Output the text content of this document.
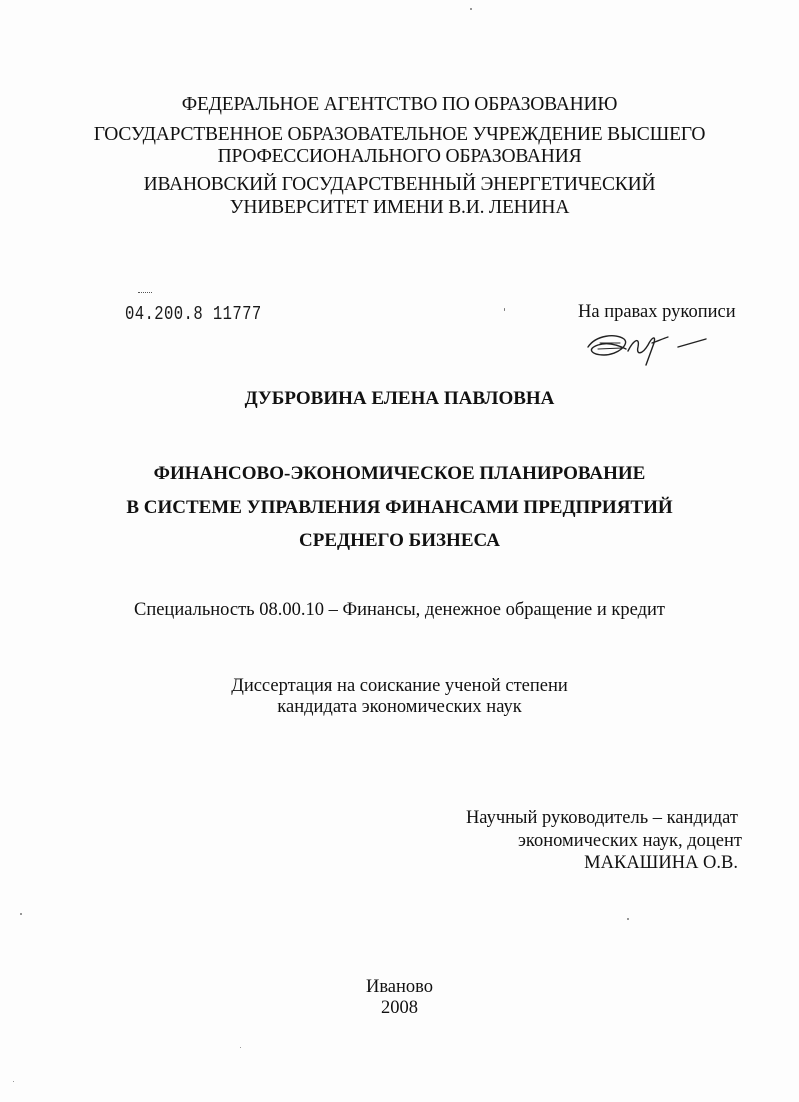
ФЕДЕРАЛЬНОЕ АГЕНТСТВО ПО ОБРАЗОВАНИЮ
ГОСУДАРСТВЕННОЕ ОБРАЗОВАТЕЛЬНОЕ УЧРЕЖДЕНИЕ ВЫСШЕГО
ПРОФЕССИОНАЛЬНОГО ОБРАЗОВАНИЯ
ИВАНОВСКИЙ ГОСУДАРСТВЕННЫЙ ЭНЕРГЕТИЧЕСКИЙ
УНИВЕРСИТЕТ ИМЕНИ В.И. ЛЕНИНА
04.200.8 11777	На правах рукописи
ДУБРОВИНА ЕЛЕНА ПАВЛОВНА
ФИНАНСОВО-ЭКОНОМИЧЕСКОЕ ПЛАНИРОВАНИЕ
В СИСТЕМЕ УПРАВЛЕНИЯ ФИНАНСАМИ ПРЕДПРИЯТИЙ
СРЕДНЕГО БИЗНЕСА
Специальность 08.00.10 – Финансы, денежное обращение и кредит
Диссертация на соискание ученой степени
кандидата экономических наук
Научный руководитель – кандидат
экономических наук, доцент
МАКАШИНА О.В.
Иваново
2008
